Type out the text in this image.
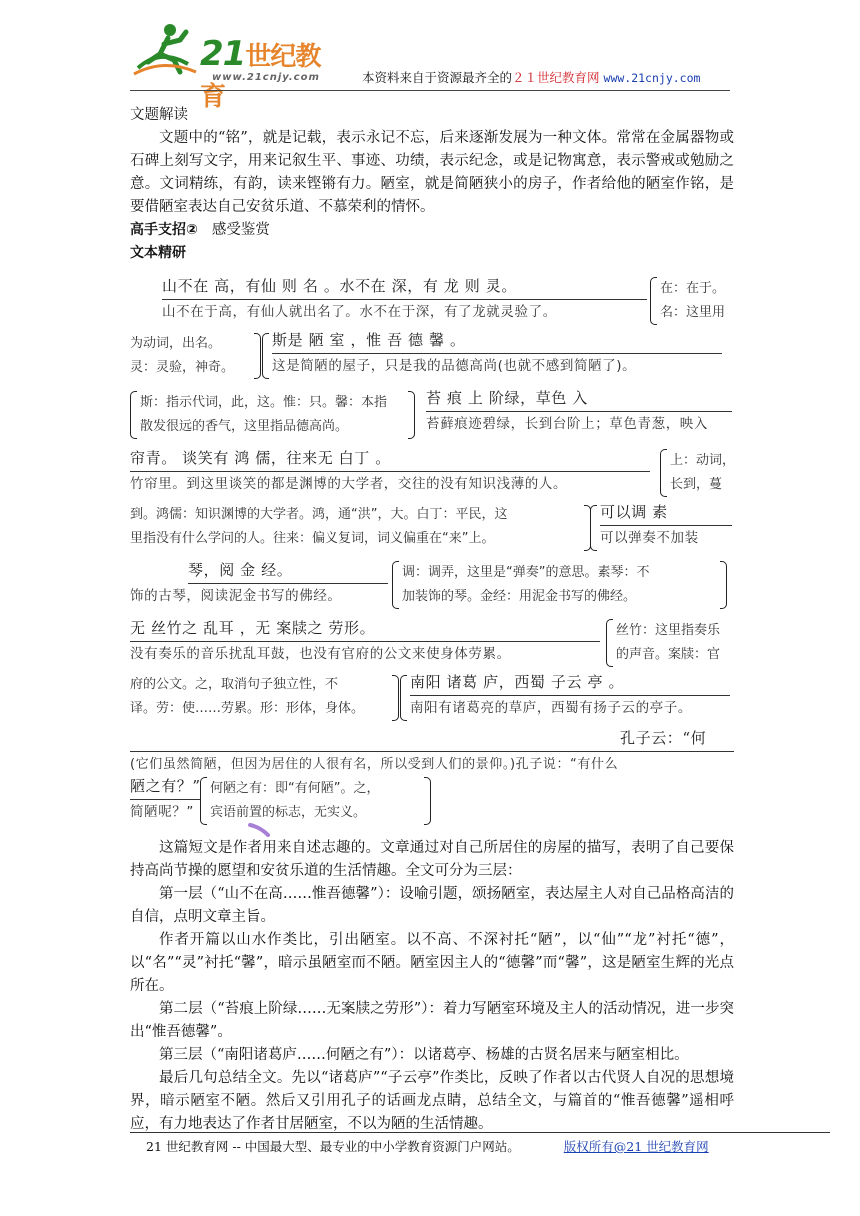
21世纪教育
www.21cnjy.com	本资料来自于资源最齐全的２１世纪教育网 www.21cnjy.com

文题解读

文题中的“铭”，就是记载，表示永记不忘，后来逐渐发展为一种文体。常常在金属器物或石碑上刻写文字，用来记叙生平、事迹、功绩，表示纪念，或是记物寓意，表示警戒或勉励之意。文词精练，有韵，读来铿锵有力。陋室，就是简陋狭小的房子，作者给他的陋室作铭，是要借陋室表达自己安贫乐道、不慕荣利的情怀。

高手支招② 感受鉴赏

文本精研

山不在 高，有仙 则 名 。水不在 深，有 龙 则 灵。
山不在于高，有仙人就出名了。水不在于深，有了龙就灵验了。
在：在于。
名：这里用
为动词，出名。
灵：灵验，神奇。
斯是 陋 室 ，惟 吾 德 馨 。
这是简陋的屋子，只是我的品德高尚(也就不感到简陋了)。
斯：指示代词，此，这。惟：只。馨：本指
散发很远的香气，这里指品德高尚。
苔 痕 上 阶绿，草色 入
苔藓痕迹碧绿，长到台阶上；草色青葱，映入
帘青。 谈笑有 鸿 儒，往来无 白丁 。
竹帘里。到这里谈笑的都是渊博的大学者，交往的没有知识浅薄的人。
上：动词，
长到，蔓
到。鸿儒：知识渊博的大学者。鸿，通“洪”，大。白丁：平民，这
里指没有什么学问的人。往来：偏义复词，词义偏重在“来”上。
可以调 素
可以弹奏不加装
琴，阅 金 经。
饰的古琴，阅读泥金书写的佛经。
调：调弄，这里是“弹奏”的意思。素琴：不
加装饰的琴。金经：用泥金书写的佛经。
无 丝竹之 乱耳 ，无 案牍之 劳形。
没有奏乐的音乐扰乱耳鼓，也没有官府的公文来使身体劳累。
丝竹：这里指奏乐
的声音。案牍：官
府的公文。之，取消句子独立性，不
译。劳：使……劳累。形：形体，身体。
南阳 诸葛 庐，西蜀 子云 亭 。
南阳有诸葛亮的草庐，西蜀有扬子云的亭子。
孔子云：“何
(它们虽然简陋，但因为居住的人很有名，所以受到人们的景仰。)孔子说：“有什么
陋之有？”
简陋呢？”
何陋之有：即“有何陋”。之，
宾语前置的标志，无实义。

这篇短文是作者用来自述志趣的。文章通过对自己所居住的房屋的描写，表明了自己要保持高尚节操的愿望和安贫乐道的生活情趣。全文可分为三层：

第一层（“山不在高……惟吾德馨”）：设喻引题，颂扬陋室，表达屋主人对自己品格高洁的自信，点明文章主旨。

作者开篇以山水作类比，引出陋室。以不高、不深衬托“陋”，以“仙”“龙”衬托“德”，以“名”“灵”衬托“馨”，暗示虽陋室而不陋。陋室因主人的“德馨”而“馨”，这是陋室生辉的光点所在。

第二层（“苔痕上阶绿……无案牍之劳形”）：着力写陋室环境及主人的活动情况，进一步突出“惟吾德馨”。

第三层（“南阳诸葛庐……何陋之有”）：以诸葛亭、杨雄的古贤名居来与陋室相比。

最后几句总结全文。先以“诸葛庐”“子云亭”作类比，反映了作者以古代贤人自况的思想境界，暗示陋室不陋。然后又引用孔子的话画龙点睛，总结全文，与篇首的“惟吾德馨”遥相呼应，有力地表达了作者甘居陋室，不以为陋的生活情趣。

21 世纪教育网 -- 中国最大型、最专业的中小学教育资源门户网站。	版权所有@21 世纪教育网
